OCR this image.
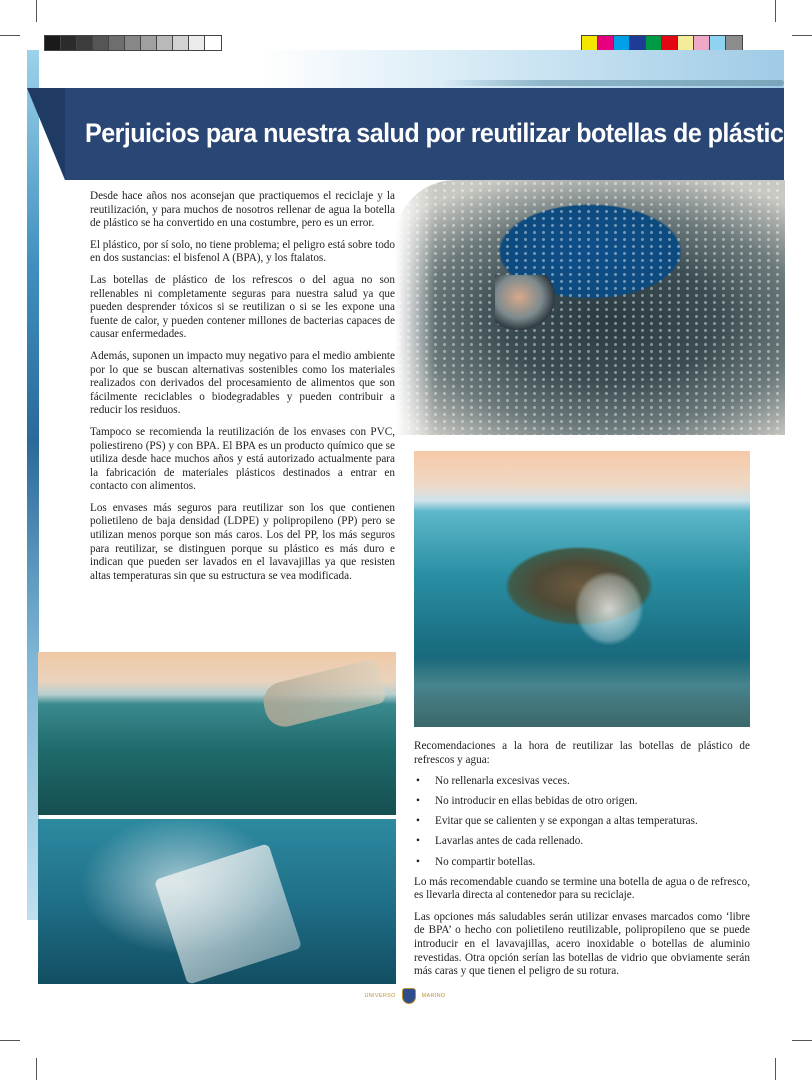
Perjuicios para nuestra salud por reutilizar botellas de plástico

Desde hace años nos aconsejan que practiquemos el reciclaje y la reutilización, y para muchos de nosotros rellenar de agua la botella de plástico se ha convertido en una costumbre, pero es un error.

El plástico, por sí solo, no tiene problema; el peligro está sobre todo en dos sustancias: el bisfenol A (BPA), y los ftalatos.

Las botellas de plástico de los refrescos o del agua no son rellenables ni completamente seguras para nuestra salud ya que pueden desprender tóxicos si se reutilizan o si se les expone una fuente de calor, y pueden contener millones de bacterias capaces de causar enfermedades.

Además, suponen un impacto muy negativo para el medio ambiente por lo que se buscan alternativas sostenibles como los materiales realizados con derivados del procesamiento de alimentos que son fácilmente reciclables o biodegradables y pueden contribuir a reducir los residuos.

Tampoco se recomienda la reutilización de los envases con PVC, poliestireno (PS) y con BPA. El BPA es un producto químico que se utiliza desde hace muchos años y está autorizado actualmente para la fabricación de materiales plásticos destinados a entrar en contacto con alimentos.

Los envases más seguros para reutilizar son los que contienen polietileno de baja densidad (LDPE) y polipropileno (PP) pero se utilizan menos porque son más caros. Los del PP, los más seguros para reutilizar, se distinguen porque su plástico es más duro e indican que pueden ser lavados en el lavavajillas ya que resisten altas temperaturas sin que su estructura se vea modificada.

Recomendaciones a la hora de reutilizar las botellas de plástico de refrescos y agua:

• No rellenarla excesivas veces.
• No introducir en ellas bebidas de otro origen.
• Evitar que se calienten y se expongan a altas temperaturas.
• Lavarlas antes de cada rellenado.
• No compartir botellas.

Lo más recomendable cuando se termine una botella de agua o de refresco, es llevarla directa al contenedor para su reciclaje.

Las opciones más saludables serán utilizar envases marcados como ‘libre de BPA’ o hecho con polietileno reutilizable, polipropileno que se puede introducir en el lavavajillas, acero inoxidable o botellas de aluminio revestidas. Otra opción serían las botellas de vidrio que obviamente serán más caras y que tienen el peligro de su rotura.

UNIVERSO	MARINO
